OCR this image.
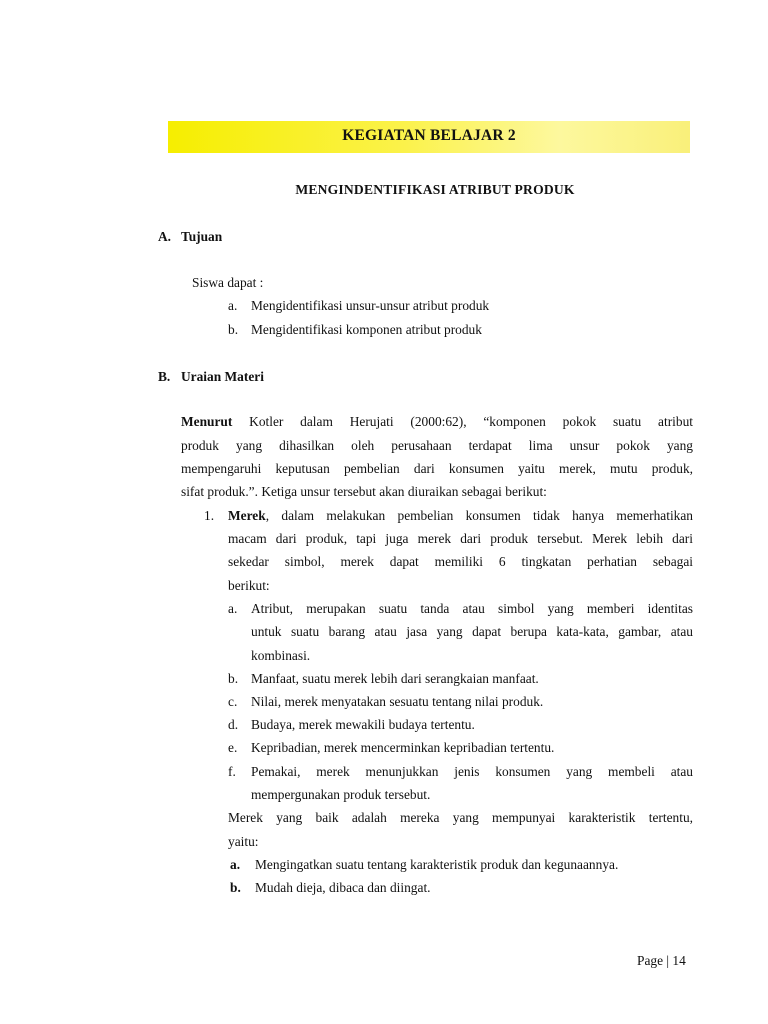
KEGIATAN BELAJAR 2
MENGINDENTIFIKASI ATRIBUT PRODUK
A. Tujuan
Siswa dapat :
a. Mengidentifikasi unsur-unsur atribut produk
b. Mengidentifikasi komponen atribut produk
B. Uraian Materi
Menurut Kotler dalam Herujati (2000:62), “komponen pokok suatu atribut
produk yang dihasilkan oleh perusahaan terdapat lima unsur pokok yang
mempengaruhi keputusan pembelian dari konsumen yaitu merek, mutu produk,
sifat produk.”. Ketiga unsur tersebut akan diuraikan sebagai berikut:
1. Merek, dalam melakukan pembelian konsumen tidak hanya memerhatikan
macam dari produk, tapi juga merek dari produk tersebut. Merek lebih dari
sekedar simbol, merek dapat memiliki 6 tingkatan perhatian sebagai
berikut:
a. Atribut, merupakan suatu tanda atau simbol yang memberi identitas
untuk suatu barang atau jasa yang dapat berupa kata-kata, gambar, atau
kombinasi.
b. Manfaat, suatu merek lebih dari serangkaian manfaat.
c. Nilai, merek menyatakan sesuatu tentang nilai produk.
d. Budaya, merek mewakili budaya tertentu.
e. Kepribadian, merek mencerminkan kepribadian tertentu.
f. Pemakai, merek menunjukkan jenis konsumen yang membeli atau
mempergunakan produk tersebut.
Merek yang baik adalah mereka yang mempunyai karakteristik tertentu,
yaitu:
a. Mengingatkan suatu tentang karakteristik produk dan kegunaannya.
b. Mudah dieja, dibaca dan diingat.
Page | 14
